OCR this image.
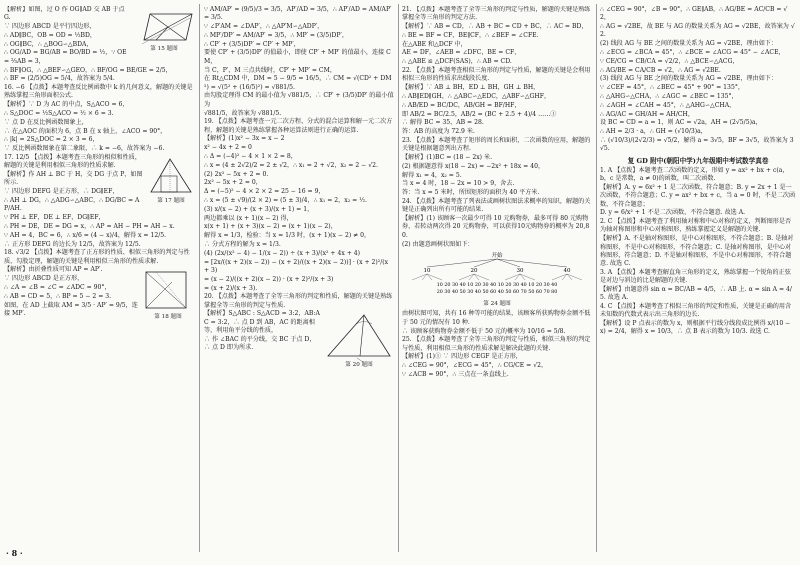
第 15 题图
【解析】如图，过 O 作 OG∥AD 交 AB 于点 G.
∵ 四边形 ABCD 是平行四边形，
∴ AD∥BC，OB = OD = ½BD，
∴ OG∥BC，∴ △BOG∽△BDA，
∴ OG/AD = BG/AB = BO/BD = ½，∵ OE = ⅔AB = 3，
∴ BF∥OG，∴ △BEF∽△GEO，∴ BF/OG = BE/GE = 2/5，
∴ BF = (2/5)OG = 5/4，故答案为 5/4.
16. −6 【点拨】本题考查反比例函数中 k 的几何意义，解题的关键是熟练掌握三角形面积公式.
【解析】∵ D 为 AC 的中点，S△ACO = 6，
∴ S△DOC = ½S△ACO = ½ × 6 = 3.
∵ 点 D 在反比例函数图象上，
∴ 在△AOC 的面积为 6，点 B 在 x 轴上，∠ACO = 90°，
∴ |k| = 2S△DOC = 2 × 3 = 6，
∵ 反比例函数图象在第二象限，∴ k = −6，故答案为 −6.
第 17 题图
17. 12/5 【点拨】本题考查三角形的相似和性质，解题的关键是利用相似三角形的性质求解.
【解析】作 AH ⊥ BC 于 H，交 DG 于点 P，如图所示.
∵ 四边形 DEFG 是正方形，∴ DG∥EF，
∴ AH ⊥ DG，∴ △ADG∽△ABC，∴ DG/BC = AP/AH.
∵ PH ⊥ EF，DE ⊥ EF，DG∥EF，
∴ PH = DE，DE = DG = x，∴ AP = AH − PH = AH − x.
∵ AH = 4，BC = 6，∴ x/6 = (4 − x)/4，解得 x = 12/5.
∴ 正方形 DEFG 的边长为 12/5，故答案为 12/5.
18. √3/2 【点拨】本题考查了正方形的性质、相似三角形的判定与性质、勾股定理，解题的关键是利用相似三角形的性质求解.
第 18 题图
【解析】由折叠性质可知 AP = AP′.
∵ 四边形 ABCD 是正方形，
∴ ∠A = ∠B = ∠C = ∠ADC = 90°，
∴ AB = CD = 5，∴ BP = 5 − 2 = 3.
如图，在 AD 上截取 AM = 3/5 · AP′ = 9/5，连接 MP′.
∵ AM/AP′ = (9/5)/3 = 3/5，AP′/AD = 3/5，∴ AP′/AD = AM/AP′ = 3/5.
∵ ∠P′AM = ∠DAP′，∴ △AP′M∽△ADP′，
∴ MP′/DP′ = AM/AP′ = 3/5，∴ MP′ = (3/5)DP′，
∴ CP′ + (3/5)DP′ = CP′ + MP′，
要使 CP′ + (3/5)DP′ 的值最小，即使 CP′ + MP′ 的值最小，连接 CM，
当 C，P′，M 三点共线时，CP′ + MP′ = CM，
在 Rt△CDM 中，DM = 5 − 9/5 = 16/5，∴ CM = √(CD² + DM²) = √(5² + (16/5)²) = √881/5.
由勾股定理得 CM 的最小值为 √881/5，∴ CP′ + (3/5)DP′ 的最小值为
√881/5，故答案为 √881/5.
19. 【点拨】本题考查一元二次方程、分式的混合运算和解一元二次方程，解题的关键是熟练掌握各种运算法则进行正确的运算.
【解析】(1)x² − 3x = x − 2
x² − 4x + 2 = 0
∴ Δ = (−4)² − 4 × 1 × 2 = 8，
∴ x = (4 ± 2√2)/2 = 2 ± √2，∴ x₁ = 2 + √2，x₂ = 2 − √2.
(2) 2x² − 5x + 2 = 0.
2x² − 5x + 2 = 0，
Δ = (−5)² − 4 × 2 × 2 = 25 − 16 = 9，
∴ x = (5 ± √9)/(2 × 2) = (5 ± 3)/4，∴ x₁ = 2，x₂ = ½.
(3) x/(x − 2) + (x + 3)/(x + 1) = 1，
两边都乘以 (x + 1)(x − 2) 得，
x(x + 1) + (x + 3)(x − 2) = (x + 1)(x − 2)，
解得 x = 1/3，检验：当 x = 1/3 时，(x + 1)(x − 2) ≠ 0，
∴ 分式方程的解为 x = 1/3.
(4) (2x/(x² − 4) − 1/(x − 2)) ÷ (x + 3)/(x² + 4x + 4)
= [2x/((x + 2)(x − 2)) − (x + 2)/((x + 2)(x − 2))] · (x + 2)²/(x + 3)
= (x − 2)/((x + 2)(x − 2)) · (x + 2)²/(x + 3)
= (x + 2)/(x + 3).
20. 【点拨】本题考查了全等三角形的判定和性质，解题的关键是熟练掌握全等三角形的判定与性质.
第 20 题图
【解析】S△ABC : S△ACD = 3:2，AB:AC = 3:2，∴ 点 D 到 AB，AC 的距离相等，利用角平分线的性质，
∴ 作 ∠BAC 的平分线，交 BC 于点 D，∴ 点 D 即为所求.
21. 【点拨】本题考查了全等三角形的判定与性质，解题的关键是熟练掌握全等三角形的判定方法.
【解析】∵ AB = CD，∴ AB + BC = CD + BC，∴ AC = BD，
∴ BE = BF = CF，BE∥CF，∴ ∠BEF = ∠CFE.
在△ABE 和△DCF 中，
AE = DF，∠AEB = ∠DFC，BE = CF，
∴ △ABE ≌ △DCF(SAS)，∴ AB = CD.
22. 【点拨】本题考查相似三角形的判定与性质，解题的关键是会利用相似三角形的性质求出线段长度.
【解析】∵ AB ⊥ BH，ED ⊥ BH，GH ⊥ BH，
∴ AB∥ED∥GH，∴ △ABC∽△EDC，△ABF∽△GHF，
∴ AB/ED = BC/DC，AB/GH = BF/HF，
即 AB/2 = BC/2.5，AB/2 = (BC + 2.5 + 4)/4 ……①
∴ 解得 BC = 35，AB = 28.
答：AB 的高度为 72.9 米.
23. 【点拨】本题考查了矩形的周长和面积，二次函数的应用，解题的关键是根据题意列出方程.
【解析】(1)BC = (18 − 2x) 米.
(2) 根据题意得 x(18 − 2x) = −2x² + 18x = 40，
解得 x₁ = 4，x₂ = 5.
当 x = 4 时，18 − 2x = 10 > 9，舍去.
答：当 x = 5 米时，所围矩形的面积为 40 平方米.
24. 【点拨】本题考查了列表法或画树状图法求概率的知识，解题的关键是正确列出所有可能的结果.
【解析】(1) 该顾客一次最少可得 10 元购物券，最多可得 80 元购物券，若转动两次得 20 元购物券，可以获得10元购物券的概率为 20,80.
(2) 由题意画树状图如下：
开始
10	20	30	40
10 20 30 40 10 20 30 40 10 20 30 40 10 20 30 40
20 30 40 50 30 40 50 60 40 50 60 70 50 60 70 80
第 24 题图
由树状图可知，共有 16 种等可能的结果，该顾客所获购物券金额不低于 50 元的情况有 10 种.
∴ 该顾客获购物券金额不低于 50 元的概率为 10/16 = 5/8.
25. 【点拨】本题考查了全等三角形的判定与性质，相似三角形的判定与性质，利用相似三角形的性质求解是解决此题的关键.
【解析】(1)① ∵ 四边形 CEGF 是正方形，
∴ ∠CEG = 90°，∠ECG = 45°，∴ CG/CE = √2，
∵ ∠ACB = 90°，∴ 三点在一条直线上.
∴ ∠CEG = 90°，∠B = 90°，∴ GE∥AB，∴ AG/BE = AC/CB = √2，
∴ AG = √2BE，故 BE 与 AG 的数量关系为 AG = √2BE，故答案为 √2.
(2) 线段 AG 与 BE 之间的数量关系为 AG = √2BE，理由如下：
∴ ∠ECG = ∠BCA = 45°，∴ ∠BCE = ∠ACG = 45° − ∠ACE，
∵ CE/CG = CB/CA = √2/2，∴ △BCE∽△ACG，
∴ AG/BE = CA/CB = √2，∴ AG = √2BE.
(3) 线段 AG 与 BE 之间的数量关系为 AG = √2BE，理由如下：
∵ ∠CEF = 45°，∴ ∠BEC = 45° + 90° = 135°，
∴ △AHG∽△CHA，∴ ∠AGC = ∠BEC = 135°，
∴ ∠AGH = ∠CAH = 45°，∴ △AHG∽△CHA，
∴ AG/AC = GH/AH = AH/CH，
设 BC = CD = a = 1，则 AC = √2a，AH = (2√5/5)a，
∴ AH = 2/3 · a，∴ GH = (√10/3)a，
∴ (√10/3)/(2√2/3) = √5/2，解得 a = 3√5，BF = 3√5，故答案为 3√5.
复 GD 附中(朝阳中学)九年级期中考试数学真卷
1. A 【点拨】本题考查二次函数的定义，形如 y = ax² + bx + c(a，b，c 是常数，a ≠ 0)的函数，叫二次函数.
【解析】A. y = 6x² + 1 是二次函数，符合题意；B. y = 2x + 1 是一次函数，不符合题意；C. y = ax² + bx + c，当 a = 0 时，不是二次函数，不符合题意；
D. y = 6/x² + 1 不是二次函数，不符合题意. 故选 A.
2. C 【点拨】本题考查了利用轴对称和中心对称的定义，判断图形是否为轴对称图形和中心对称图形，熟练掌握定义是解题的关键.
【解析】A. 不是轴对称图形，是中心对称图形，不符合题意；B. 是轴对称图形，不是中心对称图形，不符合题意；C. 是轴对称图形，是中心对称图形，符合题意；D. 不是轴对称图形，不是中心对称图形，不符合题意. 故选 C.
3. A 【点拨】本题考查解直角三角形的定义，熟练掌握一个锐角的正弦是对边与斜边的比是解题的关键.
【解析】由题意得 sin α = BC/AB = 4/5，∴ AB 上. α = sin A = 4/5. 故选 A.
4. C 【点拨】本题考查了相似三角形的判定和性质，关键是正确的用含未知数的代数式表示出三角形的边长.
【解析】设 P 点表示的数为 x，则根据平行线分线段成比例得 x/(10 − x) = 2/4，解得 x = 10/3，∴ 点 B 表示的数为 10/3. 故选 C.
· 8 ·
